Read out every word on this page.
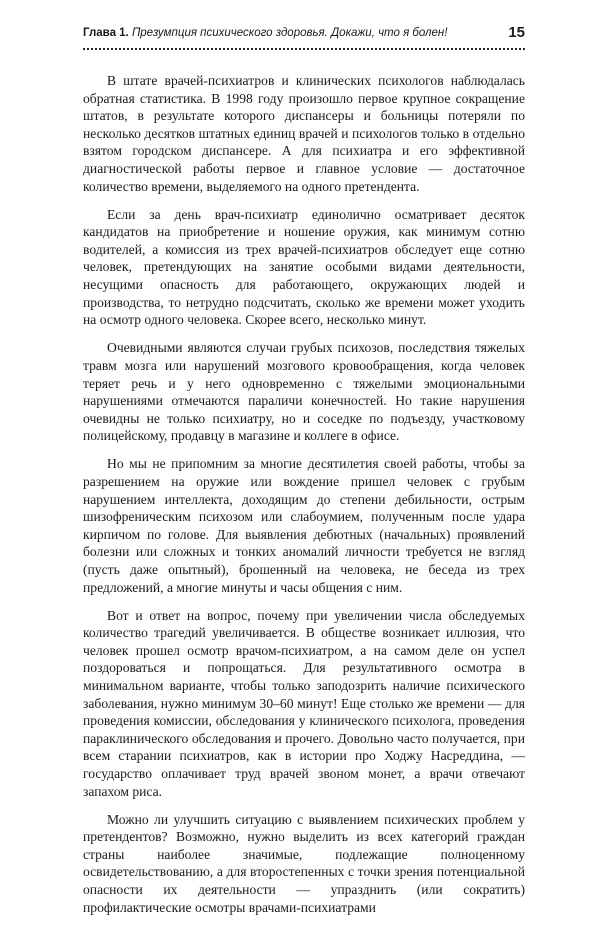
Глава 1. Презумпция психического здоровья. Докажи, что я болен!	15

В штате врачей-психиатров и клинических психологов наблюдалась обратная статистика. В 1998 году произошло первое крупное сокращение штатов, в результате которого диспансеры и больницы потеряли по несколько десятков штатных единиц врачей и психологов только в отдельно взятом городском диспансере. А для психиатра и его эффективной диагностической работы первое и главное условие — достаточное количество времени, выделяемого на одного претендента.

Если за день врач-психиатр единолично осматривает десяток кандидатов на приобретение и ношение оружия, как минимум сотню водителей, а комиссия из трех врачей-психиатров обследует еще сотню человек, претендующих на занятие особыми видами деятельности, несущими опасность для работающего, окружающих людей и производства, то нетрудно подсчитать, сколько же времени может уходить на осмотр одного человека. Скорее всего, несколько минут.

Очевидными являются случаи грубых психозов, последствия тяжелых травм мозга или нарушений мозгового кровообращения, когда человек теряет речь и у него одновременно с тяжелыми эмоциональными нарушениями отмечаются параличи конечностей. Но такие нарушения очевидны не только психиатру, но и соседке по подъезду, участковому полицейскому, продавцу в магазине и коллеге в офисе.

Но мы не припомним за многие десятилетия своей работы, чтобы за разрешением на оружие или вождение пришел человек с грубым нарушением интеллекта, доходящим до степени дебильности, острым шизофреническим психозом или слабоумием, полученным после удара кирпичом по голове. Для выявления дебютных (начальных) проявлений болезни или сложных и тонких аномалий личности требуется не взгляд (пусть даже опытный), брошенный на человека, не беседа из трех предложений, а многие минуты и часы общения с ним.

Вот и ответ на вопрос, почему при увеличении числа обследуемых количество трагедий увеличивается. В обществе возникает иллюзия, что человек прошел осмотр врачом-психиатром, а на самом деле он успел поздороваться и попрощаться. Для результативного осмотра в минимальном варианте, чтобы только заподозрить наличие психического заболевания, нужно минимум 30–60 минут! Еще столько же времени — для проведения комиссии, обследования у клинического психолога, проведения параклинического обследования и прочего. Довольно часто получается, при всем старании психиатров, как в истории про Ходжу Насреддина, — государство оплачивает труд врачей звоном монет, а врачи отвечают запахом риса.

Можно ли улучшить ситуацию с выявлением психических проблем у претендентов? Возможно, нужно выделить из всех категорий граждан страны наиболее значимые, подлежащие полноценному освидетельствованию, а для второстепенных с точки зрения потенциальной опасности их деятельности — упразднить (или сократить) профилактические осмотры врачами-психиатрами
